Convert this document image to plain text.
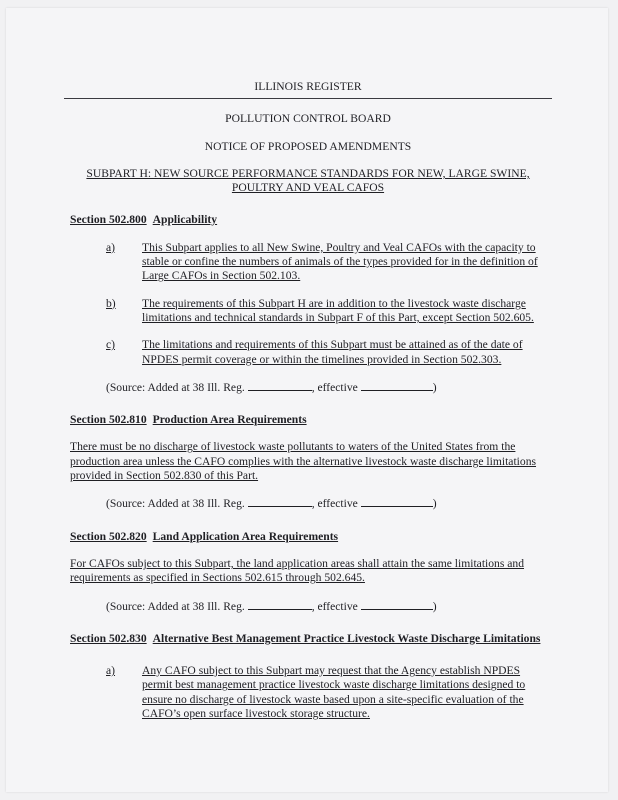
ILLINOIS REGISTER
POLLUTION CONTROL BOARD
NOTICE OF PROPOSED AMENDMENTS
SUBPART H: NEW SOURCE PERFORMANCE STANDARDS FOR NEW, LARGE SWINE,
POULTRY AND VEAL CAFOS
Section 502.800 Applicability
a)	This Subpart applies to all New Swine, Poultry and Veal CAFOs with the capacity to stable or confine the numbers of animals of the types provided for in the definition of Large CAFOs in Section 502.103.
b)	The requirements of this Subpart H are in addition to the livestock waste discharge limitations and technical standards in Subpart F of this Part, except Section 502.605.
c)	The limitations and requirements of this Subpart must be attained as of the date of NPDES permit coverage or within the timelines provided in Section 502.303.
(Source: Added at 38 Ill. Reg.	, effective	)
Section 502.810 Production Area Requirements
There must be no discharge of livestock waste pollutants to waters of the United States from the production area unless the CAFO complies with the alternative livestock waste discharge limitations provided in Section 502.830 of this Part.
(Source: Added at 38 Ill. Reg.	, effective	)
Section 502.820 Land Application Area Requirements
For CAFOs subject to this Subpart, the land application areas shall attain the same limitations and requirements as specified in Sections 502.615 through 502.645.
(Source: Added at 38 Ill. Reg.	, effective	)
Section 502.830 Alternative Best Management Practice Livestock Waste Discharge Limitations
a)	Any CAFO subject to this Subpart may request that the Agency establish NPDES permit best management practice livestock waste discharge limitations designed to ensure no discharge of livestock waste based upon a site-specific evaluation of the CAFO’s open surface livestock storage structure.
